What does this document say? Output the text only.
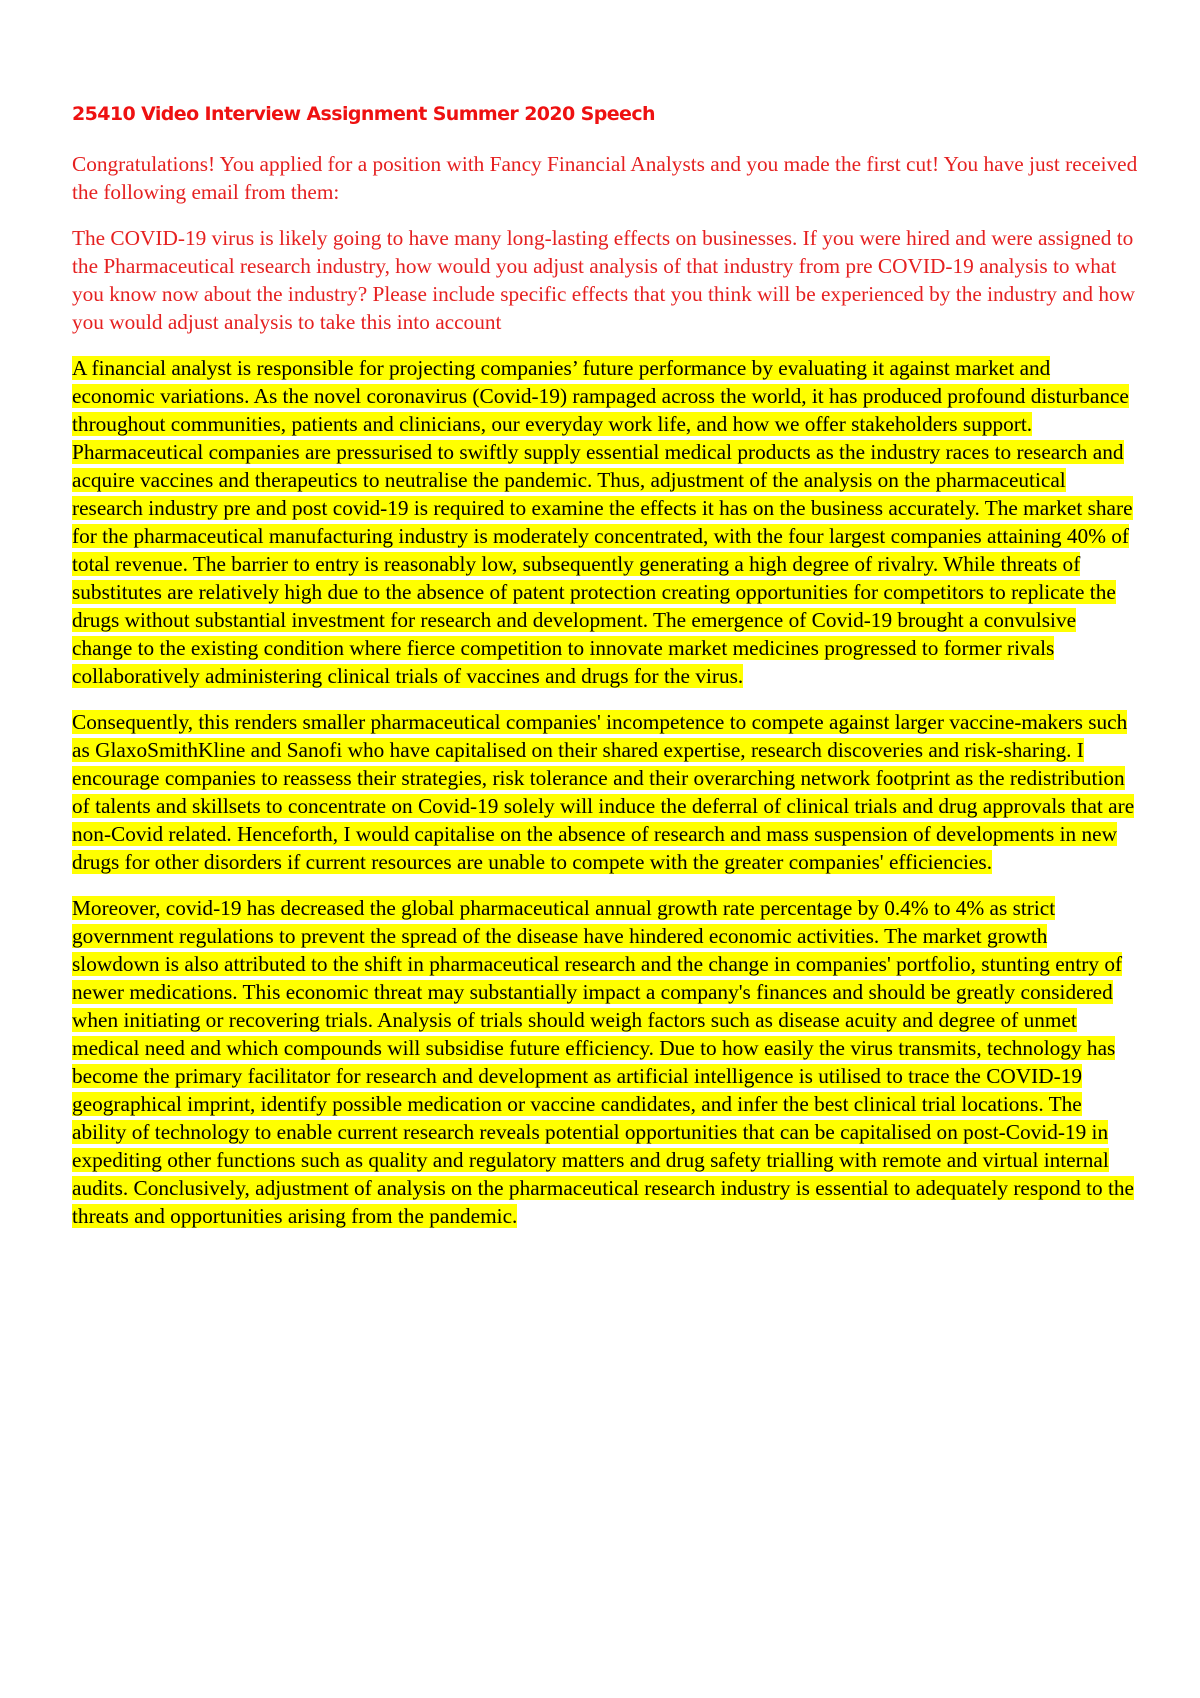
25410 Video Interview Assignment Summer 2020 Speech

Congratulations! You applied for a position with Fancy Financial Analysts and you made the first cut! You have just received the following email from them:

The COVID-19 virus is likely going to have many long-lasting effects on businesses. If you were hired and were assigned to the Pharmaceutical research industry, how would you adjust analysis of that industry from pre COVID-19 analysis to what you know now about the industry? Please include specific effects that you think will be experienced by the industry and how you would adjust analysis to take this into account

A financial analyst is responsible for projecting companies’ future performance by evaluating it against market and economic variations. As the novel coronavirus (Covid-19) rampaged across the world, it has produced profound disturbance throughout communities, patients and clinicians, our everyday work life, and how we offer stakeholders support. Pharmaceutical companies are pressurised to swiftly supply essential medical products as the industry races to research and acquire vaccines and therapeutics to neutralise the pandemic. Thus, adjustment of the analysis on the pharmaceutical research industry pre and post covid-19 is required to examine the effects it has on the business accurately. The market share for the pharmaceutical manufacturing industry is moderately concentrated, with the four largest companies attaining 40% of total revenue. The barrier to entry is reasonably low, subsequently generating a high degree of rivalry. While threats of substitutes are relatively high due to the absence of patent protection creating opportunities for competitors to replicate the drugs without substantial investment for research and development. The emergence of Covid-19 brought a convulsive change to the existing condition where fierce competition to innovate market medicines progressed to former rivals collaboratively administering clinical trials of vaccines and drugs for the virus.

Consequently, this renders smaller pharmaceutical companies' incompetence to compete against larger vaccine-makers such as GlaxoSmithKline and Sanofi who have capitalised on their shared expertise, research discoveries and risk-sharing. I encourage companies to reassess their strategies, risk tolerance and their overarching network footprint as the redistribution of talents and skillsets to concentrate on Covid-19 solely will induce the deferral of clinical trials and drug approvals that are non-Covid related. Henceforth, I would capitalise on the absence of research and mass suspension of developments in new drugs for other disorders if current resources are unable to compete with the greater companies' efficiencies.

Moreover, covid-19 has decreased the global pharmaceutical annual growth rate percentage by 0.4% to 4% as strict government regulations to prevent the spread of the disease have hindered economic activities. The market growth slowdown is also attributed to the shift in pharmaceutical research and the change in companies' portfolio, stunting entry of newer medications. This economic threat may substantially impact a company's finances and should be greatly considered when initiating or recovering trials. Analysis of trials should weigh factors such as disease acuity and degree of unmet medical need and which compounds will subsidise future efficiency. Due to how easily the virus transmits, technology has become the primary facilitator for research and development as artificial intelligence is utilised to trace the COVID-19 geographical imprint, identify possible medication or vaccine candidates, and infer the best clinical trial locations. The ability of technology to enable current research reveals potential opportunities that can be capitalised on post-Covid-19 in expediting other functions such as quality and regulatory matters and drug safety trialling with remote and virtual internal audits. Conclusively, adjustment of analysis on the pharmaceutical research industry is essential to adequately respond to the threats and opportunities arising from the pandemic.
